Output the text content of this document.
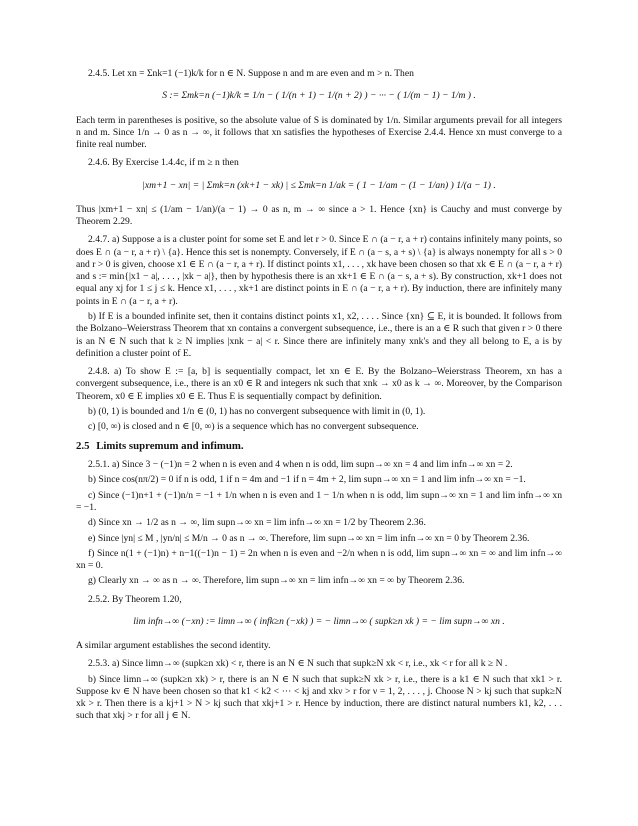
2.4.5. Let xn = Σnk=1 (−1)k/k for n ∈ N. Suppose n and m are even and m > n. Then

S := Σmk=n (−1)k/k ≡ 1/n − ( 1/(n + 1) − 1/(n + 2) ) − ··· − ( 1/(m − 1) − 1/m ) .

Each term in parentheses is positive, so the absolute value of S is dominated by 1/n. Similar arguments prevail for all integers n and m. Since 1/n → 0 as n → ∞, it follows that xn satisfies the hypotheses of Exercise 2.4.4. Hence xn must converge to a finite real number.

2.4.6. By Exercise 1.4.4c, if m ≥ n then

|xm+1 − xn| = | Σmk=n (xk+1 − xk) | ≤ Σmk=n 1/ak = ( 1 − 1/am − (1 − 1/an) ) 1/(a − 1) .

Thus |xm+1 − xn| ≤ (1/am − 1/an)/(a − 1) → 0 as n, m → ∞ since a > 1. Hence {xn} is Cauchy and must converge by Theorem 2.29.

2.4.7. a) Suppose a is a cluster point for some set E and let r > 0. Since E ∩ (a − r, a + r) contains infinitely many points, so does E ∩ (a − r, a + r) \ {a}. Hence this set is nonempty. Conversely, if E ∩ (a − s, a + s) \ {a} is always nonempty for all s > 0 and r > 0 is given, choose x1 ∈ E ∩ (a − r, a + r). If distinct points x1, . . . , xk have been chosen so that xk ∈ E ∩ (a − r, a + r) and s := min{|x1 − a|, . . . , |xk − a|}, then by hypothesis there is an xk+1 ∈ E ∩ (a − s, a + s). By construction, xk+1 does not equal any xj for 1 ≤ j ≤ k. Hence x1, . . . , xk+1 are distinct points in E ∩ (a − r, a + r). By induction, there are infinitely many points in E ∩ (a − r, a + r).

b) If E is a bounded infinite set, then it contains distinct points x1, x2, . . . . Since {xn} ⊆ E, it is bounded. It follows from the Bolzano–Weierstrass Theorem that xn contains a convergent subsequence, i.e., there is an a ∈ R such that given r > 0 there is an N ∈ N such that k ≥ N implies |xnk − a| < r. Since there are infinitely many xnk's and they all belong to E, a is by definition a cluster point of E.

2.4.8. a) To show E := [a, b] is sequentially compact, let xn ∈ E. By the Bolzano–Weierstrass Theorem, xn has a convergent subsequence, i.e., there is an x0 ∈ R and integers nk such that xnk → x0 as k → ∞. Moreover, by the Comparison Theorem, x0 ∈ E implies x0 ∈ E. Thus E is sequentially compact by definition.

b) (0, 1) is bounded and 1/n ∈ (0, 1) has no convergent subsequence with limit in (0, 1).

c) [0, ∞) is closed and n ∈ [0, ∞) is a sequence which has no convergent subsequence.

2.5 Limits supremum and infimum.

2.5.1. a) Since 3 − (−1)n = 2 when n is even and 4 when n is odd, lim supn→∞ xn = 4 and lim infn→∞ xn = 2.

b) Since cos(nπ/2) = 0 if n is odd, 1 if n = 4m and −1 if n = 4m + 2, lim supn→∞ xn = 1 and lim infn→∞ xn = −1.

c) Since (−1)n+1 + (−1)n/n = −1 + 1/n when n is even and 1 − 1/n when n is odd, lim supn→∞ xn = 1 and lim infn→∞ xn = −1.

d) Since xn → 1/2 as n → ∞, lim supn→∞ xn = lim infn→∞ xn = 1/2 by Theorem 2.36.

e) Since |yn| ≤ M , |yn/n| ≤ M/n → 0 as n → ∞. Therefore, lim supn→∞ xn = lim infn→∞ xn = 0 by Theorem 2.36.

f) Since n(1 + (−1)n) + n−1((−1)n − 1) = 2n when n is even and −2/n when n is odd, lim supn→∞ xn = ∞ and lim infn→∞ xn = 0.

g) Clearly xn → ∞ as n → ∞. Therefore, lim supn→∞ xn = lim infn→∞ xn = ∞ by Theorem 2.36.

2.5.2. By Theorem 1.20,

lim infn→∞ (−xn) := limn→∞ ( infk≥n (−xk) ) = − limn→∞ ( supk≥n xk ) = − lim supn→∞ xn .

A similar argument establishes the second identity.

2.5.3. a) Since limn→∞ (supk≥n xk) < r, there is an N ∈ N such that supk≥N xk < r, i.e., xk < r for all k ≥ N .

b) Since limn→∞ (supk≥n xk) > r, there is an N ∈ N such that supk≥N xk > r, i.e., there is a k1 ∈ N such that xk1 > r. Suppose kν ∈ N have been chosen so that k1 < k2 < ··· < kj and xkν > r for ν = 1, 2, . . . , j. Choose N > kj such that supk≥N xk > r. Then there is a kj+1 > N > kj such that xkj+1 > r. Hence by induction, there are distinct natural numbers k1, k2, . . . such that xkj > r for all j ∈ N.
